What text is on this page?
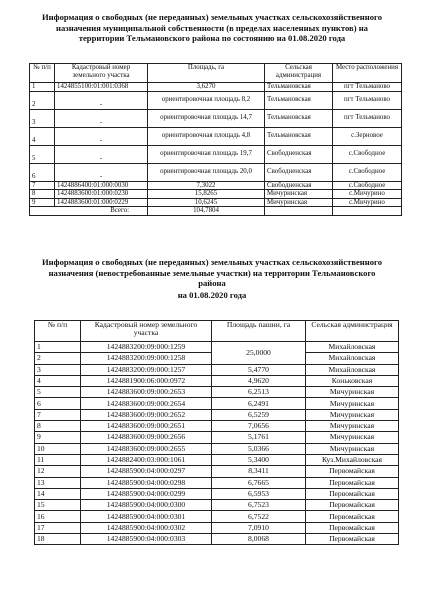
Информация о свободных (не переданных) земельных участках сельскохозяйственного назначения муниципальной собственности (в пределах населенных пунктов) на территории Тельмановского района по состоянию на 01.08.2020 года
№ п/п	Кадастровый номер земельного участка	Площадь, га	Сельская администрация	Место расположения
1	1424855100:01:001:0368	3,6270	Тельмановская	пгт Тельманово
2	-	ориентировочная площадь 8,2	Тельмановская	пгт Тельманово
3	-	ориентировочная площадь 14,7	Тельмановская	пгт Тельманово
4	-	ориентировочная площадь 4,8	Тельмановская	с.Зерновое
5	-	ориентировочная площадь 19,7	Свободненская	с.Свободное
6	-	ориентировочная площадь 20,0	Свободненская	с.Свободное
7	1424886400:01:000:0030	7,3022	Свободненская	с.Свободное
8	1424883600:01:000:0230	15,8265	Мичуринская	с.Мичурино
9	1424883600:01:000:0229	10,6245	Мичуринская	с.Мичурино
Всего:		104,7804		
Информация о свободных (не переданных) земельных участках сельскохозяйственного назначения (невостребованные земельные участки) на территории Тельмановского района
на 01.08.2020 года
№ п/п	Кадастровый номер земельного участка	Площадь пашни, га	Сельская администрация
1	1424883200:09:000:1259	25,0000	Михайловская
2	1424883200:09:000:1258		Михайловская
3	1424883200:09:000:1257	5,4770	Михайловская
4	1424881900:06:000:0972	4,9620	Коньковская
5	1424883600:09:000:2653	6,2513	Мичуринская
6	1424883600:09:000:2654	6,2491	Мичуринская
7	1424883600:09:000:2652	6,5259	Мичуринская
8	1424883600:09:000:2651	7,0656	Мичуринская
9	1424883600:09:000:2656	5,1761	Мичуринская
10	1424883600:09:000:2655	5,0366	Мичуринская
11	1424882400:03:000:1061	5,3400	Куз.Михайловская
12	1424885900:04:000:0297	8,3411	Первомайская
13	1424885900:04:000:0298	6,7665	Первомайская
14	1424885900:04:000:0299	6,5953	Первомайская
15	1424885900:04:000:0300	6,7523	Первомайская
16	1424885900:04:000:0301	6,7522	Первомайская
17	1424885900:04:000:0302	7,0910	Первомайская
18	1424885900:04:000:0303	8,0068	Первомайская
